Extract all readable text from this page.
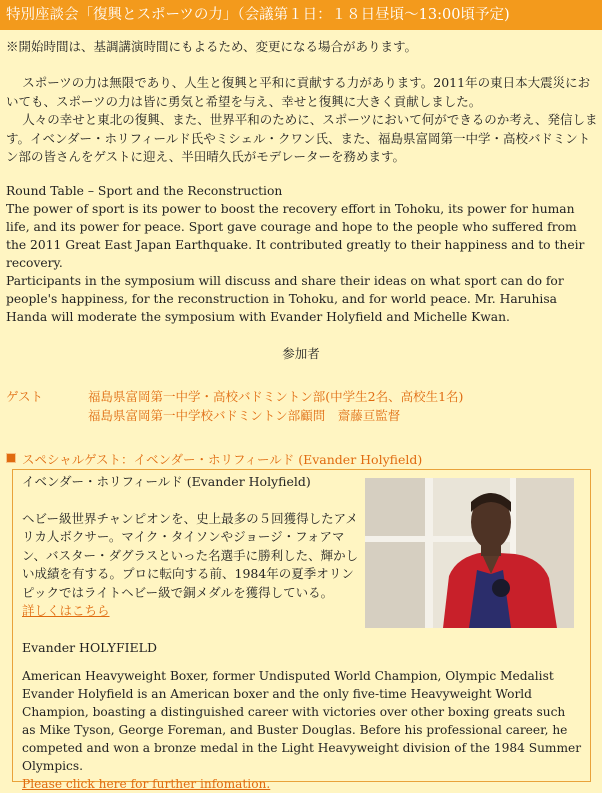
特別座談会「復興とスポーツの力」（会議第１日：１８日昼頃〜13:00頃予定)
※開始時間は、基調講演時間にもよるため、変更になる場合があります。

スポーツの力は無限であり、人生と復興と平和に貢献する力があります。2011年の東日本大震災においても、スポーツの力は皆に勇気と希望を与え、幸せと復興に大きく貢献しました。

人々の幸せと東北の復興、また、世界平和のために、スポーツにおいて何ができるのか考え、発信します。イベンダー・ホリフィールド氏やミシェル・クワン氏、また、福島県富岡第一中学・高校バドミントン部の皆さんをゲストに迎え、半田晴久氏がモデレーターを務めます。

Round Table – Sport and the Reconstruction

The power of sport is its power to boost the recovery effort in Tohoku, its power for human life, and its power for peace. Sport gave courage and hope to the people who suffered from the 2011 Great East Japan Earthquake. It contributed greatly to their happiness and to their recovery.

Participants in the symposium will discuss and share their ideas on what sport can do for people's happiness, for the reconstruction in Tohoku, and for world peace. Mr. Haruhisa Handa will moderate the symposium with Evander Holyfield and Michelle Kwan.

参加者
ゲスト	福島県富岡第一中学・高校バドミントン部(中学生2名、高校生1名)
福島県富岡第一中学校バドミントン部顧問　齋藤亘監督
スペシャルゲスト：イベンダー・ホリフィールド (Evander Holyfield)
イベンダー・ホリフィールド (Evander Holyfield)
ヘビー級世界チャンピオンを、史上最多の５回獲得したアメリカ人ボクサー。マイク・タイソンやジョージ・フォアマン、バスター・ダグラスといった名選手に勝利した、輝かしい成績を有する。プロに転向する前、1984年の夏季オリンピックではライトヘビー級で銅メダルを獲得している。
詳しくはこちら
Evander HOLYFIELD
American Heavyweight Boxer, former Undisputed World Champion, Olympic Medalist Evander Holyfield is an American boxer and the only five-time Heavyweight World Champion, boasting a distinguished career with victories over other boxing greats such as Mike Tyson, George Foreman, and Buster Douglas. Before his professional career, he competed and won a bronze medal in the Light Heavyweight division of the 1984 Summer Olympics.
Please click here for further infomation.
